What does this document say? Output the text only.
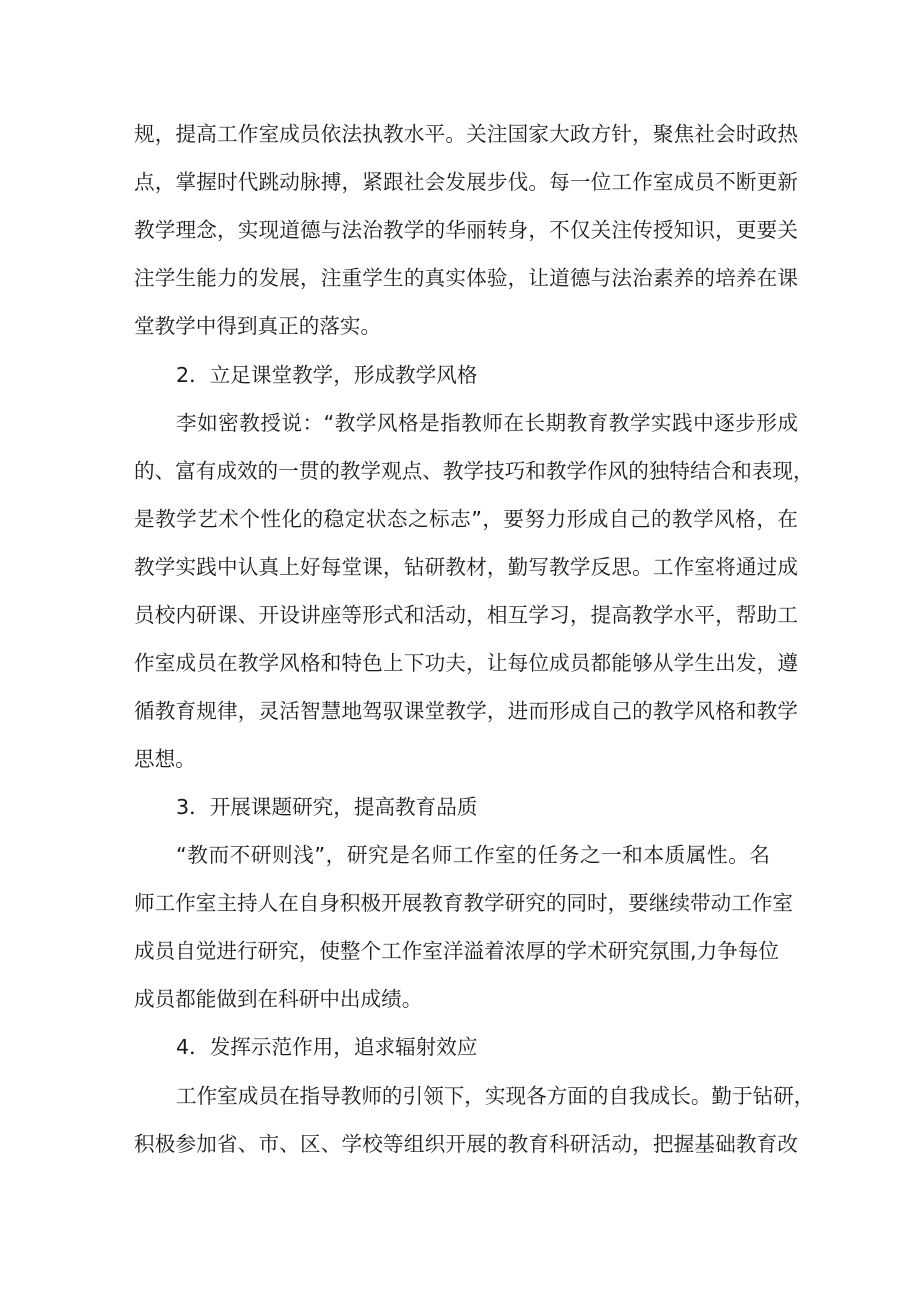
规，提高工作室成员依法执教水平。关注国家大政方针，聚焦社会时政热
点，掌握时代跳动脉搏，紧跟社会发展步伐。每一位工作室成员不断更新
教学理念，实现道德与法治教学的华丽转身，不仅关注传授知识，更要关
注学生能力的发展，注重学生的真实体验，让道德与法治素养的培养在课
堂教学中得到真正的落实。
2．立足课堂教学，形成教学风格
李如密教授说：“教学风格是指教师在长期教育教学实践中逐步形成
的、富有成效的一贯的教学观点、教学技巧和教学作风的独特结合和表现，
是教学艺术个性化的稳定状态之标志”，要努力形成自己的教学风格，在
教学实践中认真上好每堂课，钻研教材，勤写教学反思。工作室将通过成
员校内研课、开设讲座等形式和活动，相互学习，提高教学水平，帮助工
作室成员在教学风格和特色上下功夫，让每位成员都能够从学生出发，遵
循教育规律，灵活智慧地驾驭课堂教学，进而形成自己的教学风格和教学
思想。
3．开展课题研究，提高教育品质
“教而不研则浅”，研究是名师工作室的任务之一和本质属性。名
师工作室主持人在自身积极开展教育教学研究的同时，要继续带动工作室
成员自觉进行研究，使整个工作室洋溢着浓厚的学术研究氛围,力争每位
成员都能做到在科研中出成绩。
4．发挥示范作用，追求辐射效应
工作室成员在指导教师的引领下，实现各方面的自我成长。勤于钻研，
积极参加省、市、区、学校等组织开展的教育科研活动，把握基础教育改
